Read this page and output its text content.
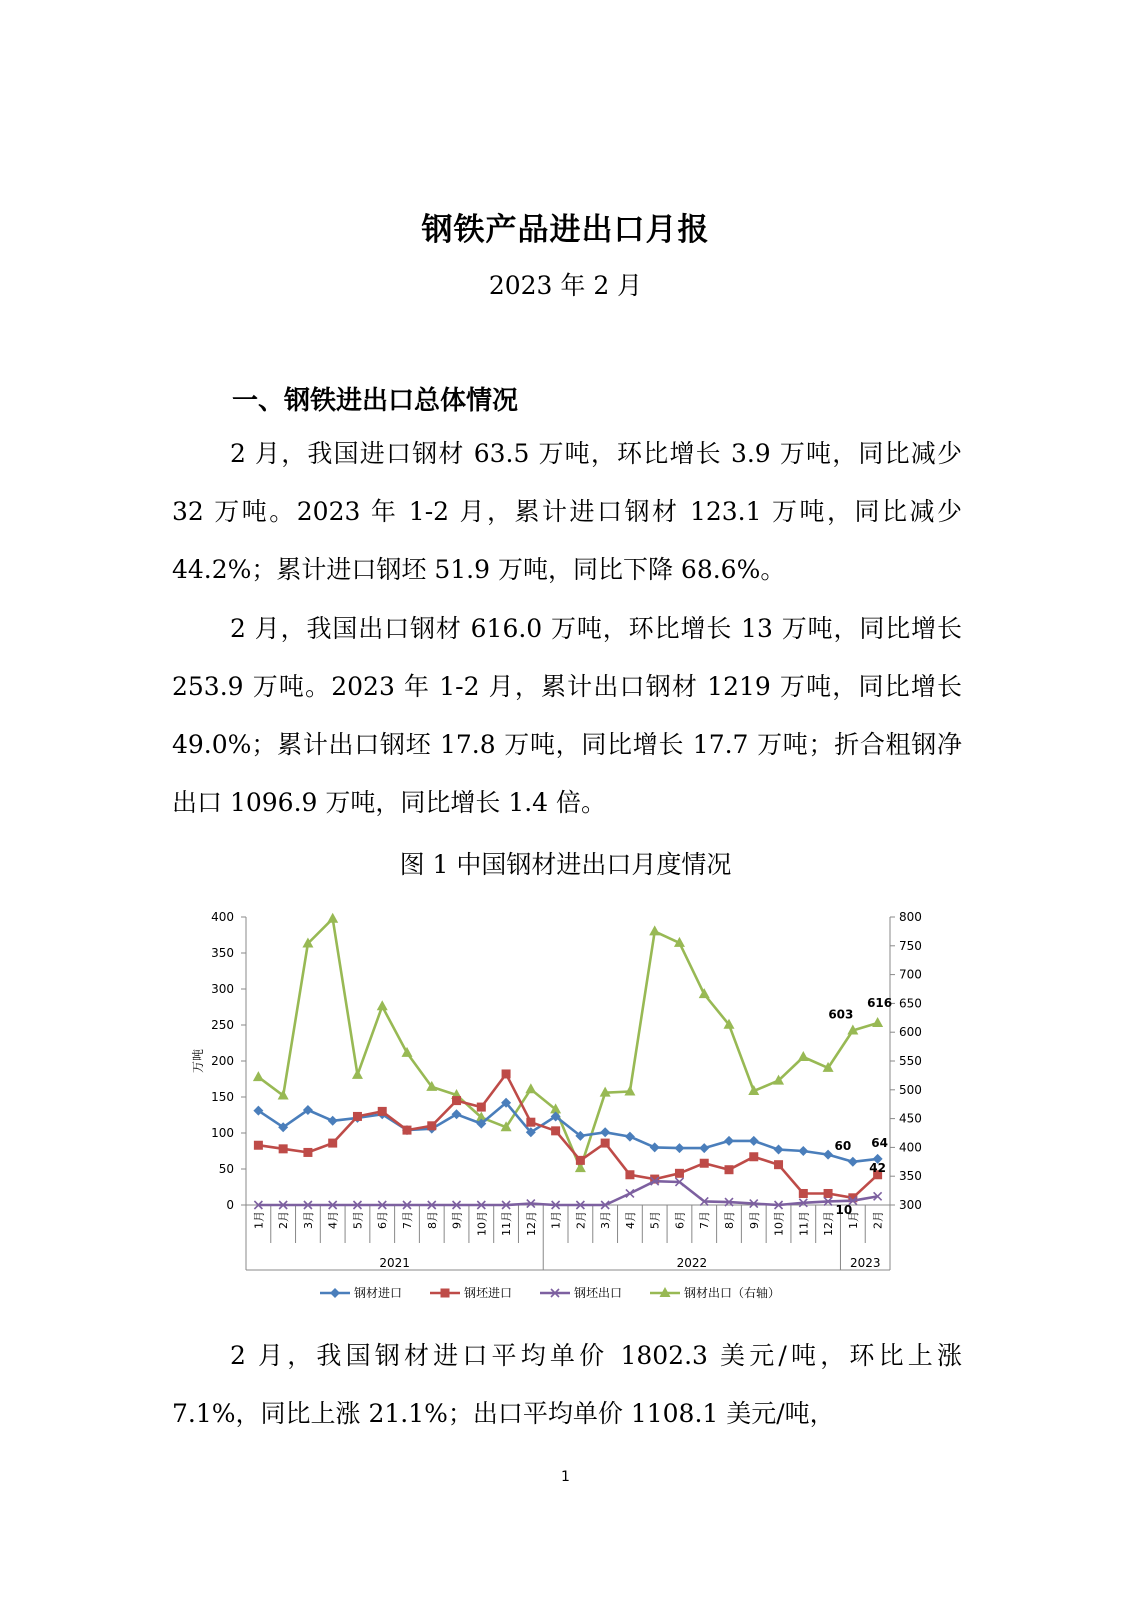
钢铁产品进出口月报
2023 年 2 月
一、钢铁进出口总体情况

2 月，我国进口钢材 63.5 万吨，环比增长 3.9 万吨，同比减少 32 万吨。2023 年 1-2 月，累计进口钢材 123.1 万吨，同比减少 44.2%；累计进口钢坯 51.9 万吨，同比下降 68.6%。

2 月，我国出口钢材 616.0 万吨，环比增长 13 万吨，同比增长 253.9 万吨。2023 年 1-2 月，累计出口钢材 1219 万吨，同比增长 49.0%；累计出口钢坯 17.8 万吨，同比增长 17.7 万吨；折合粗钢净出口 1096.9 万吨，同比增长 1.4 倍。

图 1 中国钢材进出口月度情况
0
50
100
150
200
250
300
350
400
300
350
400
450
500
550
600
650
700
750
800
万吨
1月 2月 3月 4月 5月 6月 7月 8月 9月 10月 11月 12月 1月 2月 3月 4月 5月 6月 7月 8月 9月 10月 11月 12月 1月 2月
2021	2022	2023
603
616
60 64
10
42
钢材进口	钢坯进口	钢坯出口	钢材出口（右轴）

2 月，我国钢材进口平均单价 1802.3 美元/吨，环比上涨 7.1%，同比上涨 21.1%；出口平均单价 1108.1 美元/吨，

1
